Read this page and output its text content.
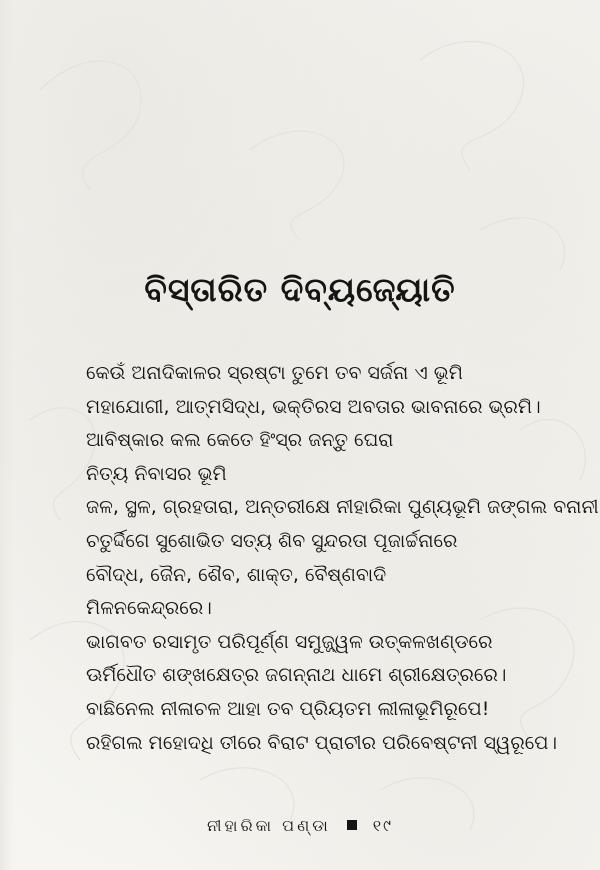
ବିସ୍ତାରିତ ଦିବ୍ୟଜ୍ୟୋତି
କେଉଁ ଅନାଦିକାଳର ସ୍ରଷ୍ଟା ତୁମେ ତବ ସର୍ଜନା ଏ ଭୂମି
ମହାଯୋଗୀ, ଆତ୍ମସିଦ୍ଧ, ଭକ୍ତିରସ ଅବତାର ଭାବନାରେ ଭ୍ରମି।
ଆବିଷ୍କାର କଲ କେତେ ହିଂସ୍ର ଜନ୍ତୁ ଘେରା
ନିତ୍ୟ ନିବାସର ଭୂମି
ଜଳ, ସ୍ଥଳ, ଗ୍ରହତାରା, ଅନ୍ତରୀକ୍ଷେ ନୀହାରିକା ପୁଣ୍ୟଭୂମି ଜଙ୍ଗଲ ବନାନୀ
ଚତୁର୍ଦ୍ଦିଗେ ସୁଶୋଭିତ ସତ୍ୟ ଶିବ ସୁନ୍ଦରତା ପୂଜାର୍ଚ୍ଚନାରେ
ବୌଦ୍ଧ, ଜୈନ, ଶୈବ, ଶାକ୍ତ, ବୈଷ୍ଣବାଦି
ମିଳନକେନ୍ଦ୍ରରେ।
ଭାଗବତ ରସାମୃତ ପରିପୂର୍ଣ୍ଣ ସମୁଜ୍ଜ୍ୱଳ ଉତ୍କଳଖଣ୍ଡରେ
ଊର୍ମିଧୌତ ଶଙ୍ଖକ୍ଷେତ୍ର ଜଗନ୍ନାଥ ଧାମେ ଶ୍ରୀକ୍ଷେତ୍ରରେ।
ବାଛିନେଲ ନୀଳାଚଳ ଆହା ତବ ପ୍ରିୟତମ ଲୀଳାଭୂମିରୂପେ!
ରହିଗଲ ମହୋଦଧି ତୀରେ ବିରାଟ ପ୍ରାଚୀର ପରିବେଷ୍ଟନୀ ସ୍ୱରୂପେ।
ନୀହାରିକା ପଣ୍ଡା	୧୯
